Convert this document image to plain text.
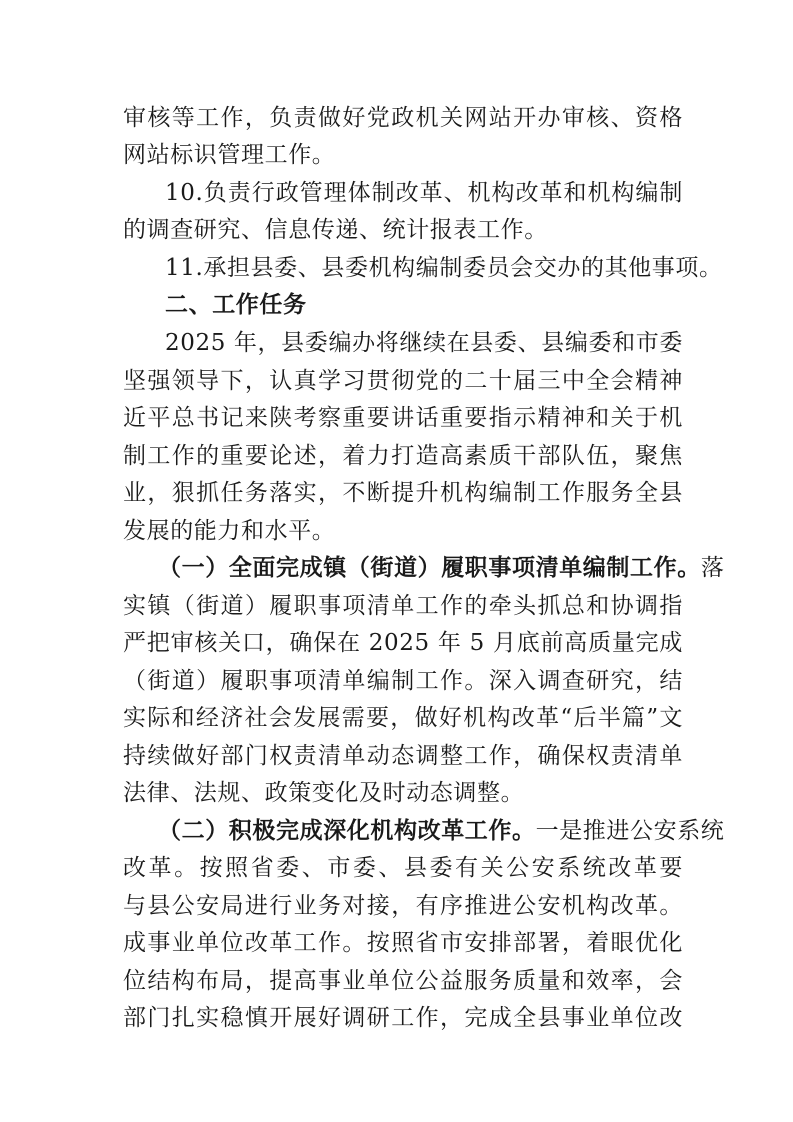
审核等工作，负责做好党政机关网站开办审核、资格
网站标识管理工作。
10.负责行政管理体制改革、机构改革和机构编制
的调查研究、信息传递、统计报表工作。
11.承担县委、县委机构编制委员会交办的其他事项。
二、工作任务
2025 年，县委编办将继续在县委、县编委和市委
坚强领导下，认真学习贯彻党的二十届三中全会精神
近平总书记来陕考察重要讲话重要指示精神和关于机
制工作的重要论述，着力打造高素质干部队伍，聚焦
业，狠抓任务落实，不断提升机构编制工作服务全县
发展的能力和水平。
（一）全面完成镇（街道）履职事项清单编制工作。落
实镇（街道）履职事项清单工作的牵头抓总和协调指
严把审核关口，确保在 2025 年 5 月底前高质量完成
（街道）履职事项清单编制工作。深入调查研究，结
实际和经济社会发展需要，做好机构改革“后半篇”文
持续做好部门权责清单动态调整工作，确保权责清单
法律、法规、政策变化及时动态调整。
（二）积极完成深化机构改革工作。一是推进公安系统
改革。按照省委、市委、县委有关公安系统改革要
与县公安局进行业务对接，有序推进公安机构改革。
成事业单位改革工作。按照省市安排部署，着眼优化
位结构布局，提高事业单位公益服务质量和效率，会
部门扎实稳慎开展好调研工作，完成全县事业单位改
